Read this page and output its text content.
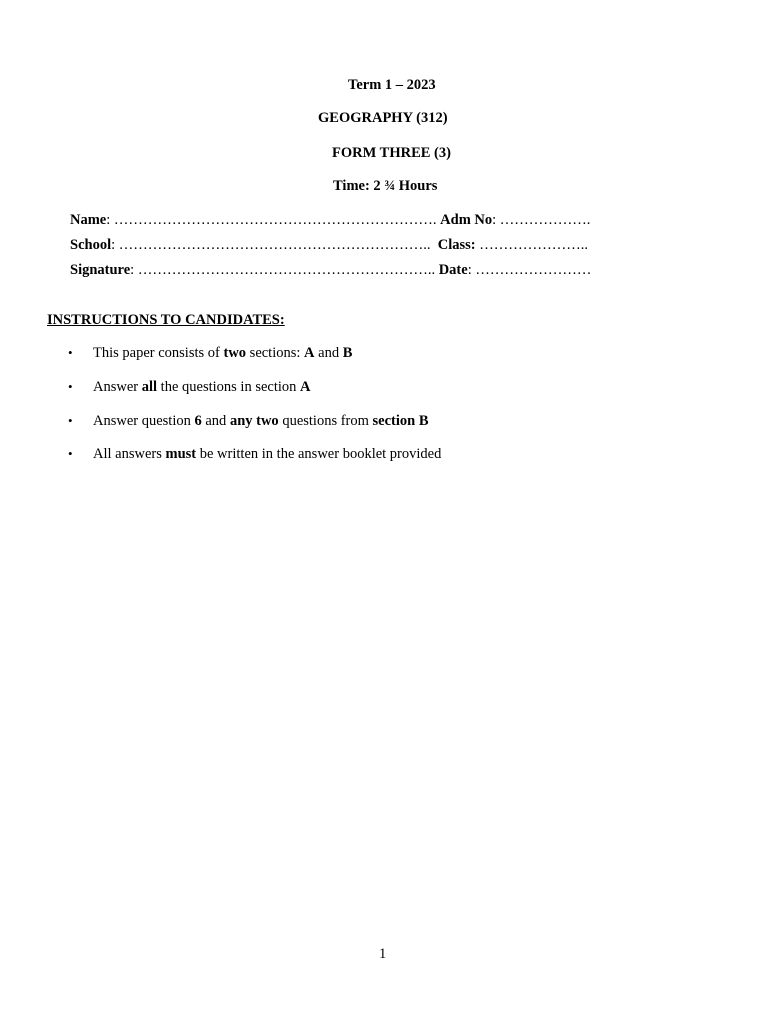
Term 1 – 2023
GEOGRAPHY (312)
FORM THREE (3)
Time: 2 ¾ Hours
Name: …………………………………………………………. Adm No: ……………….
School: ………………………………………………………..  Class: …………………..
Signature: …………………………………………………….. Date: ……………………
INSTRUCTIONS TO CANDIDATES:
• This paper consists of two sections: A and B
• Answer all the questions in section A
• Answer question 6 and any two questions from section B
• All answers must be written in the answer booklet provided
1
